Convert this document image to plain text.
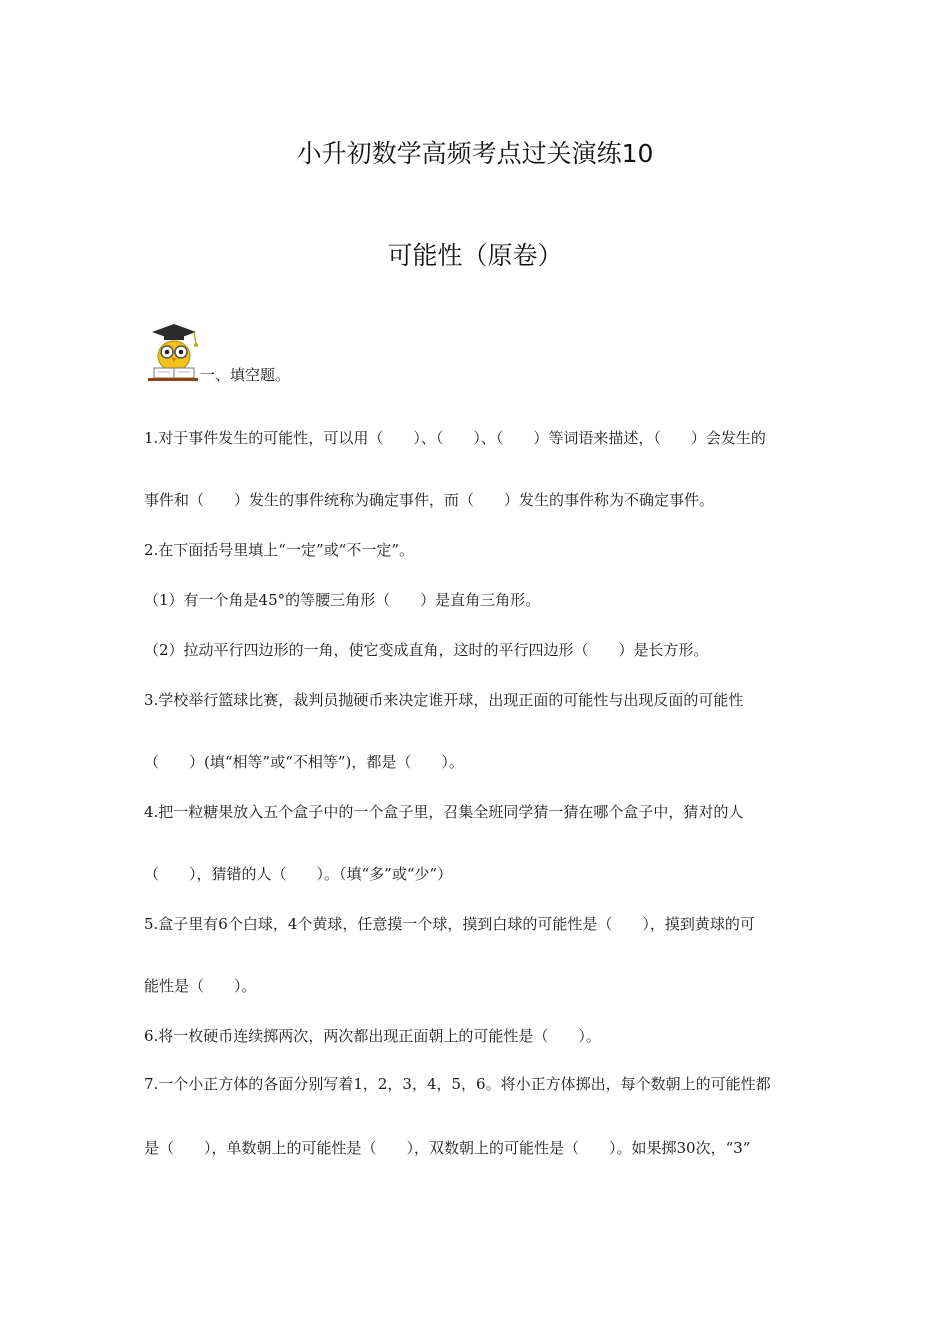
小升初数学高频考点过关演练10
可能性（原卷）
一、填空题。
1.对于事件发生的可能性，可以用（　　）、（　　）、（　　）等词语来描述，（　　）会发生的
事件和（　　）发生的事件统称为确定事件，而（　　）发生的事件称为不确定事件。
2.在下面括号里填上“一定”或“不一定”。
（1）有一个角是45°的等腰三角形（　　）是直角三角形。
（2）拉动平行四边形的一角，使它变成直角，这时的平行四边形（　　）是长方形。
3.学校举行篮球比赛，裁判员抛硬币来决定谁开球，出现正面的可能性与出现反面的可能性
（　　）(填“相等”或“不相等”)，都是（　　）。
4.把一粒糖果放入五个盒子中的一个盒子里，召集全班同学猜一猜在哪个盒子中，猜对的人
（　　），猜错的人（　　）。（填“多”或“少”）
5.盒子里有6个白球，4个黄球，任意摸一个球，摸到白球的可能性是（　　），摸到黄球的可
能性是（　　）。
6.将一枚硬币连续掷两次，两次都出现正面朝上的可能性是（　　）。
7.一个小正方体的各面分别写着1，2，3，4，5，6。将小正方体掷出，每个数朝上的可能性都
是（　　），单数朝上的可能性是（　　），双数朝上的可能性是（　　）。如果掷30次，“3”
